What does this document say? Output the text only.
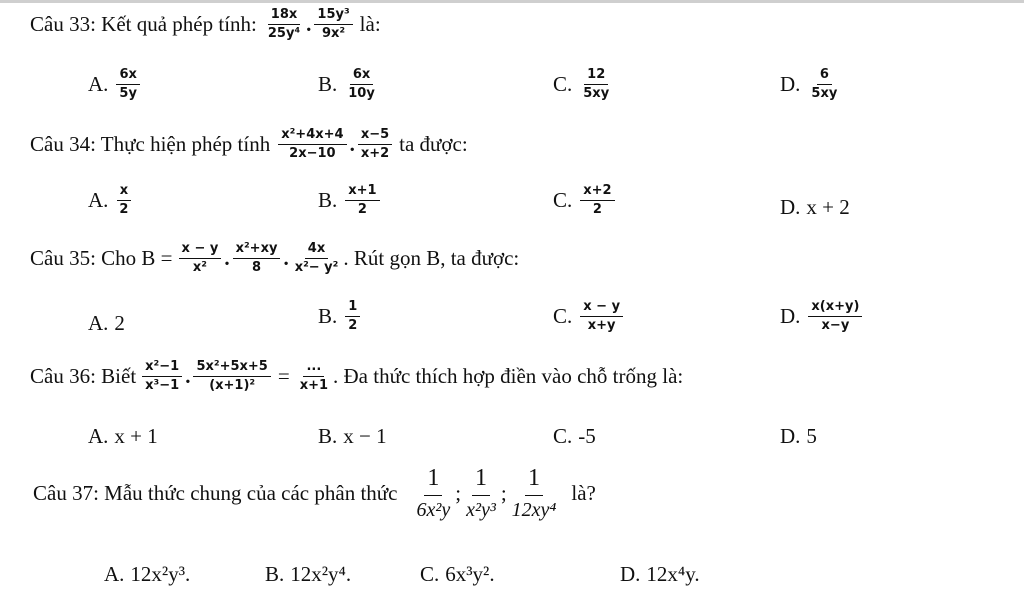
Câu 33: Kết quả phép tính: $\frac{18x}{\text{25y⁴}}$ . $\frac{\text{15y³}}{\text{9x²}}$ là:
A. $\frac{6x}{5y}$	B. $\frac{6x}{10y}$	C. $\frac{12}{5xy}$	D. $\frac{6}{5xy}$
Câu 34: Thực hiện phép tính $\frac{\text{x²+4x+4}}{2x-10}$ . $\frac{x-5}{x+2}$ ta được:
A. $\frac{x}{2}$	B. $\frac{x+1}{2}$	C. $\frac{x+2}{2}$	D. x + 2
Câu 35: Cho $B = \frac{x - y}{\text{x²}}$ . $\frac{\text{x²+xy}}{8}$ . $\frac{4x}{\text{x²− y²}}$ . Rút gọn B, ta được:
A. 2	B. $\frac{1}{2}$	C. $\frac{x - y}{x+y}$	D. $\frac{x(x+y)}{x-y}$
Câu 36: Biết $\frac{\text{x²−1}}{\text{x³−1}}$ . $\frac{\text{5x²+5x+5}}{\text{(x+1)²}} = \frac{...}{x+1}$ . Đa thức thích hợp điền vào chỗ trống là:
A. x + 1	B. x − 1	C. -5	D. 5
Câu 37: Mẫu thức chung của các phân thức $\frac{1}{\text{6x²y}}$ ; $\frac{1}{\text{x²y³}}$ ; $\frac{1}{\text{12xy⁴}}$ là?
A. 12x²y³.	B. 12x²y⁴.	C. 6x³y².	D. 12x⁴y.
